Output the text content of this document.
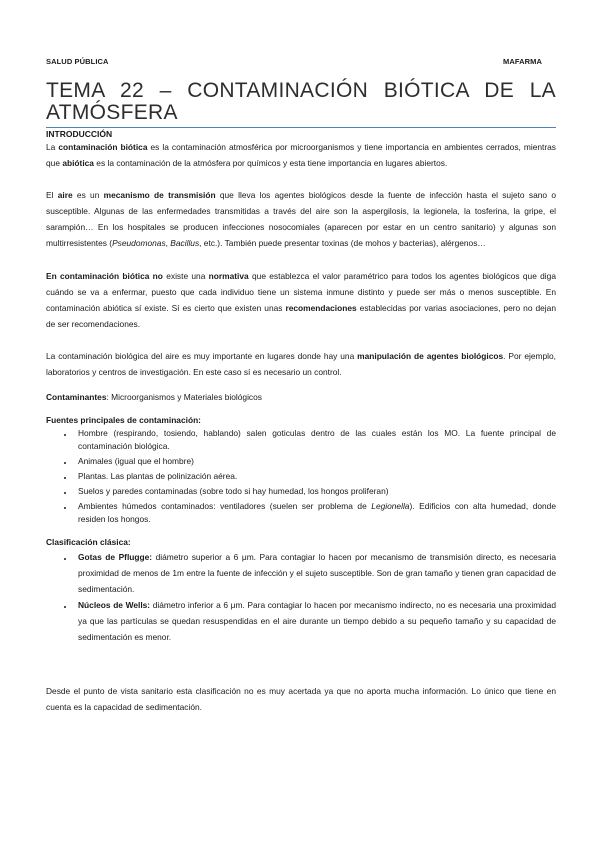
SALUD PÚBLICA	MAFARMA
TEMA 22 – CONTAMINACIÓN BIÓTICA DE LA ATMÓSFERA
INTRODUCCIÓN

La contaminación biótica es la contaminación atmosférica por microorganismos y tiene importancia en ambientes cerrados, mientras que abiótica es la contaminación de la atmósfera por químicos y esta tiene importancia en lugares abiertos.

El aire es un mecanismo de transmisión que lleva los agentes biológicos desde la fuente de infección hasta el sujeto sano o susceptible. Algunas de las enfermedades transmitidas a través del aire son la aspergilosis, la legionela, la tosferina, la gripe, el sarampión… En los hospitales se producen infecciones nosocomiales (aparecen por estar en un centro sanitario) y algunas son multirresistentes (Pseudomonas, Bacillus, etc.). También puede presentar toxinas (de mohos y bacterias), alérgenos…

En contaminación biótica no existe una normativa que establezca el valor paramétrico para todos los agentes biológicos que diga cuándo se va a enfermar, puesto que cada individuo tiene un sistema inmune distinto y puede ser más o menos susceptible. En contaminación abiótica sí existe. Sí es cierto que existen unas recomendaciones establecidas por varias asociaciones, pero no dejan de ser recomendaciones.

La contaminación biológica del aire es muy importante en lugares donde hay una manipulación de agentes biológicos. Por ejemplo, laboratorios y centros de investigación. En este caso sí es necesario un control.

Contaminantes: Microorganismos y Materiales biológicos

Fuentes principales de contaminación:
• Hombre (respirando, tosiendo, hablando) salen goticulas dentro de las cuales están los MO. La fuente principal de contaminación biológica.
• Animales (igual que el hombre)
• Plantas. Las plantas de polinización aérea.
• Suelos y paredes contaminadas (sobre todo si hay humedad, los hongos proliferan)
• Ambientes húmedos contaminados: ventiladores (suelen ser problema de Legionella). Edificios con alta humedad, donde residen los hongos.
Clasificación clásica:
• Gotas de Pflugge: diámetro superior a 6 μm. Para contagiar lo hacen por mecanismo de transmisión directo, es necesaria proximidad de menos de 1m entre la fuente de infección y el sujeto susceptible. Son de gran tamaño y tienen gran capacidad de sedimentación.
• Núcleos de Wells: diámetro inferior a 6 μm. Para contagiar lo hacen por mecanismo indirecto, no es necesaria una proximidad ya que las partículas se quedan resuspendidas en el aire durante un tiempo debido a su pequeño tamaño y su capacidad de sedimentación es menor.

Desde el punto de vista sanitario esta clasificación no es muy acertada ya que no aporta mucha información. Lo único que tiene en cuenta es la capacidad de sedimentación.
